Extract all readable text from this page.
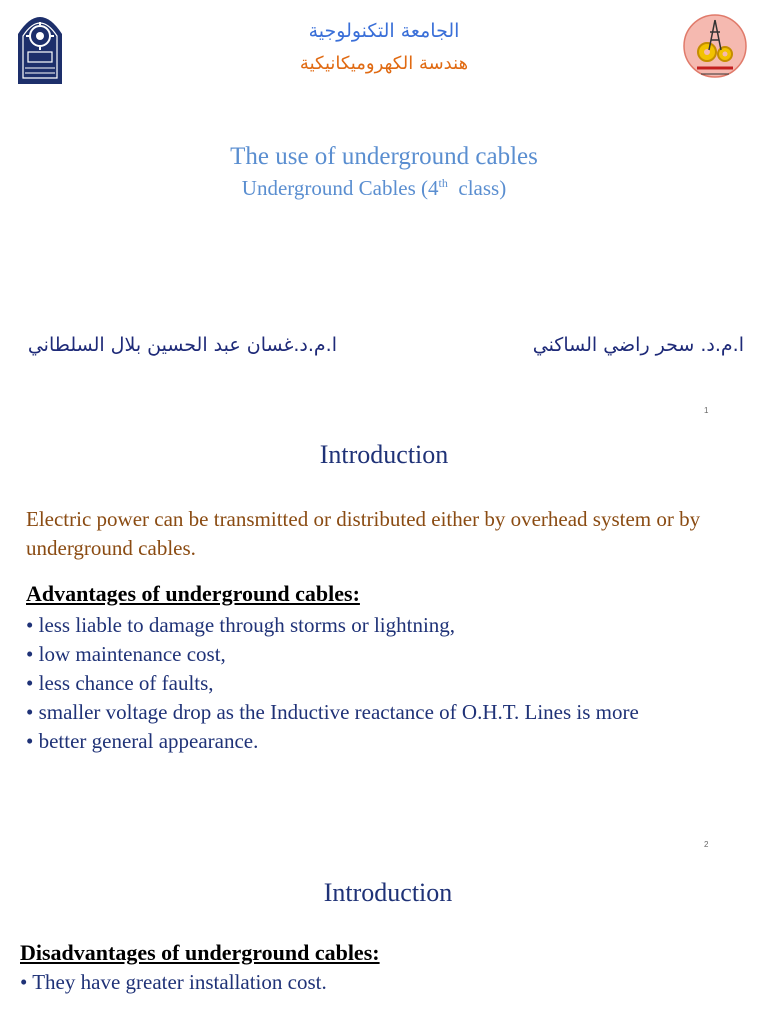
الجامعة التكنولوجية
هندسة الكهروميكانيكية
The use of underground cables
Underground Cables (4th  class)
ا.م.د. سحر راضي الساكني
ا.م.د.غسان عبد الحسين بلال السلطاني
1
Introduction
Electric power can be transmitted or distributed either by overhead system or by underground cables.
Advantages of underground cables:
• less liable to damage through storms or lightning,
• low maintenance cost,
• less chance of faults,
• smaller voltage drop as the Inductive reactance of O.H.T. Lines is more
• better general appearance.
2
Introduction
Disadvantages of underground cables:
• They have greater installation cost.
